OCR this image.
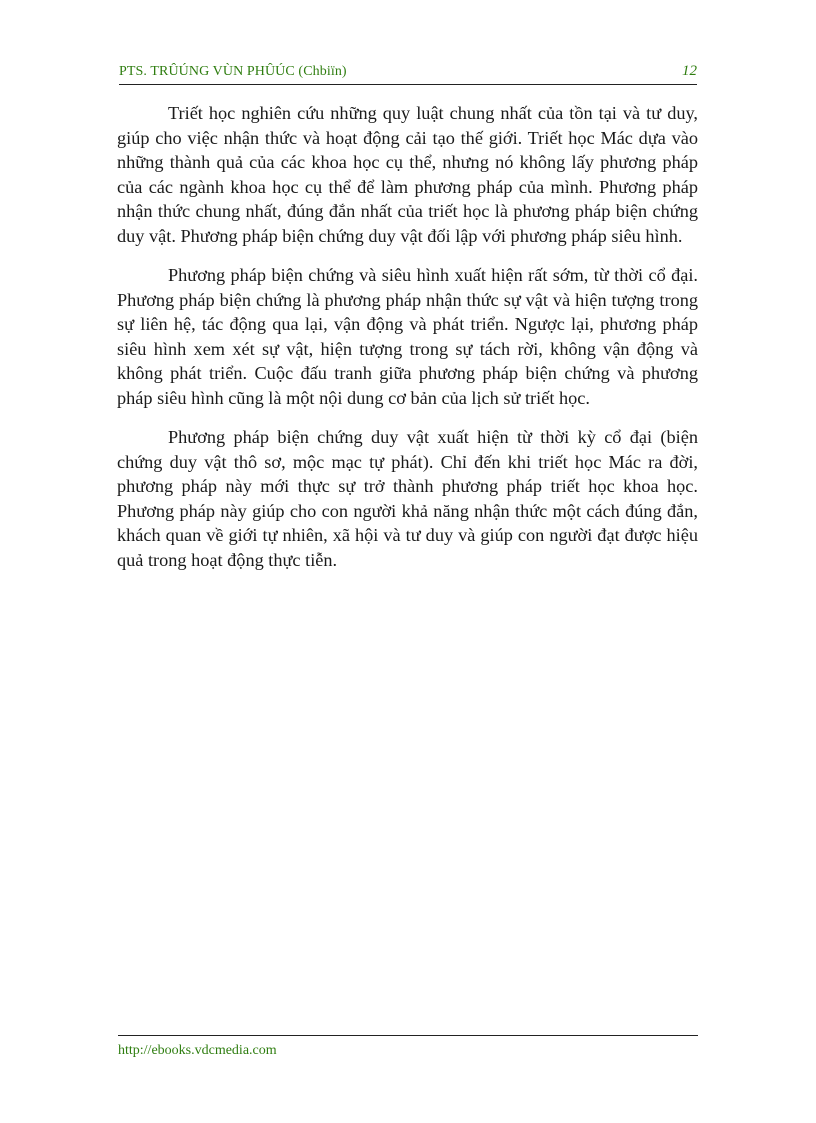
PTS. TRÛÚNG VÙN PHÛÚC (Chbiïn)	12

Triết học nghiên cứu những quy luật chung nhất của tồn tại và tư duy, giúp cho việc nhận thức và hoạt động cải tạo thế giới. Triết học Mác dựa vào những thành quả của các khoa học cụ thể, nhưng nó không lấy phương pháp của các ngành khoa học cụ thể để làm phương pháp của mình. Phương pháp nhận thức chung nhất, đúng đắn nhất của triết học là phương pháp biện chứng duy vật. Phương pháp biện chứng duy vật đối lập với phương pháp siêu hình.

Phương pháp biện chứng và siêu hình xuất hiện rất sớm, từ thời cổ đại. Phương pháp biện chứng là phương pháp nhận thức sự vật và hiện tượng trong sự liên hệ, tác động qua lại, vận động và phát triển. Ngược lại, phương pháp siêu hình xem xét sự vật, hiện tượng trong sự tách rời, không vận động và không phát triển. Cuộc đấu tranh giữa phương pháp biện chứng và phương pháp siêu hình cũng là một nội dung cơ bản của lịch sử triết học.

Phương pháp biện chứng duy vật xuất hiện từ thời kỳ cổ đại (biện chứng duy vật thô sơ, mộc mạc tự phát). Chỉ đến khi triết học Mác ra đời, phương pháp này mới thực sự trở thành phương pháp triết học khoa học. Phương pháp này giúp cho con người khả năng nhận thức một cách đúng đắn, khách quan về giới tự nhiên, xã hội và tư duy và giúp con người đạt được hiệu quả trong hoạt động thực tiễn.

http://ebooks.vdcmedia.com
